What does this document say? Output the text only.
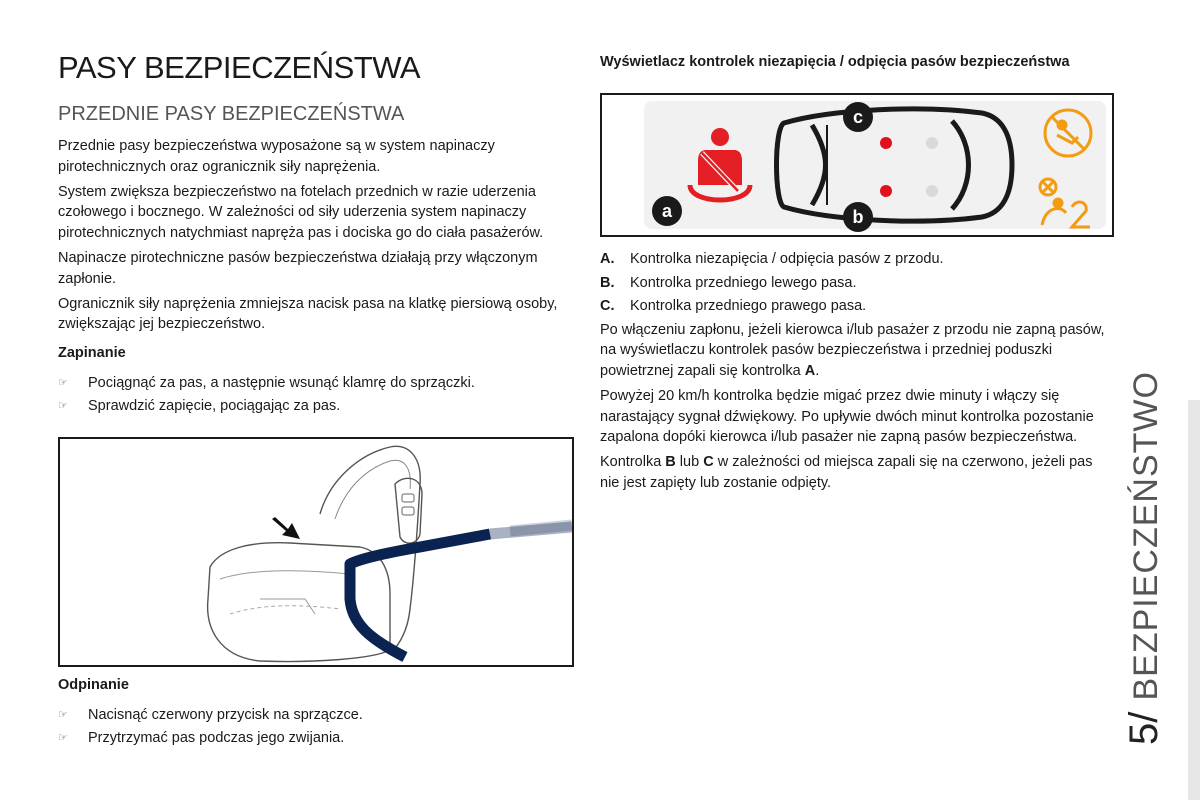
PASY BEZPIECZEŃSTWA
PRZEDNIE PASY BEZPIECZEŃSTWA

Przednie pasy bezpieczeństwa wyposażone są w system napinaczy pirotechnicznych oraz ogranicznik siły naprężenia.

System zwiększa bezpieczeństwo na fotelach przednich w razie uderzenia czołowego i bocznego. W zależności od siły uderzenia system napinaczy pirotechnicznych natychmiast napręża pas i dociska go do ciała pasażerów.

Napinacze pirotechniczne pasów bezpieczeństwa działają przy włączonym zapłonie.

Ogranicznik siły naprężenia zmniejsza nacisk pasa na klatkę piersiową osoby, zwiększając jej bezpieczeństwo.

Zapinanie
☞ Pociągnąć za pas, a następnie wsunąć klamrę do sprzączki.
☞ Sprawdzić zapięcie, pociągając za pas.
Odpinanie
☞ Nacisnąć czerwony przycisk na sprzączce.
☞ Przytrzymać pas podczas jego zwijania.
Wyświetlacz kontrolek niezapięcia / odpięcia pasów bezpieczeństwa
a
c
b
A. Kontrolka niezapięcia / odpięcia pasów z przodu.
B. Kontrolka przedniego lewego pasa.
C. Kontrolka przedniego prawego pasa.

Po włączeniu zapłonu, jeżeli kierowca i/lub pasażer z przodu nie zapną pasów, na wyświetlaczu kontrolek pasów bezpieczeństwa i przedniej poduszki powietrznej zapali się kontrolka A.

Powyżej 20 km/h kontrolka będzie migać przez dwie minuty i włączy się narastający sygnał dźwiękowy. Po upływie dwóch minut kontrolka pozostanie zapalona dopóki kierowca i/lub pasażer nie zapną pasów bezpieczeństwa.

Kontrolka B lub C w zależności od miejsca zapali się na czerwono, jeżeli pas nie jest zapięty lub zostanie odpięty.

5/ BEZPIECZEŃSTWO
